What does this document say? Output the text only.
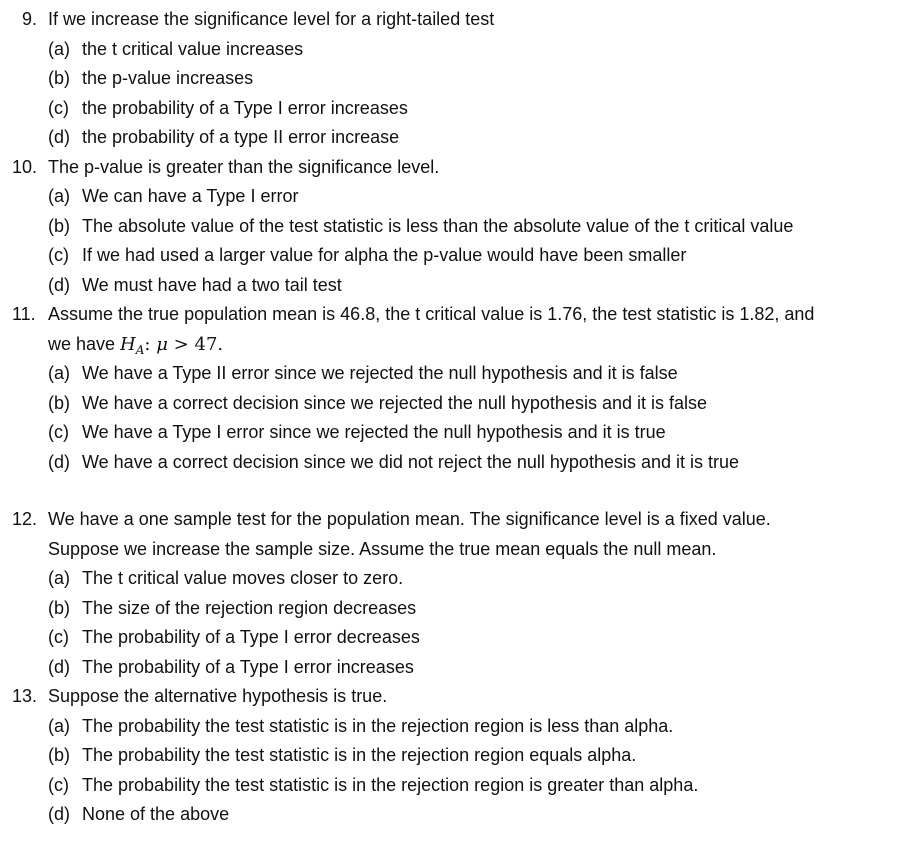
9. If we increase the significance level for a right-tailed test
(a) the t critical value increases
(b) the p-value increases
(c) the probability of a Type I error increases
(d) the probability of a type II error increase
10. The p-value is greater than the significance level.
(a) We can have a Type I error
(b) The absolute value of the test statistic is less than the absolute value of the t critical value
(c) If we had used a larger value for alpha the p-value would have been smaller
(d) We must have had a two tail test
11. Assume the true population mean is 46.8, the t critical value is 1.76, the test statistic is 1.82, and
we have $H_A$: μ > 47.
(a) We have a Type II error since we rejected the null hypothesis and it is false
(b) We have a correct decision since we rejected the null hypothesis and it is false
(c) We have a Type I error since we rejected the null hypothesis and it is true
(d) We have a correct decision since we did not reject the null hypothesis and it is true
12. We have a one sample test for the population mean. The significance level is a fixed value.
Suppose we increase the sample size. Assume the true mean equals the null mean.
(a) The t critical value moves closer to zero.
(b) The size of the rejection region decreases
(c) The probability of a Type I error decreases
(d) The probability of a Type I error increases
13. Suppose the alternative hypothesis is true.
(a) The probability the test statistic is in the rejection region is less than alpha.
(b) The probability the test statistic is in the rejection region equals alpha.
(c) The probability the test statistic is in the rejection region is greater than alpha.
(d) None of the above
